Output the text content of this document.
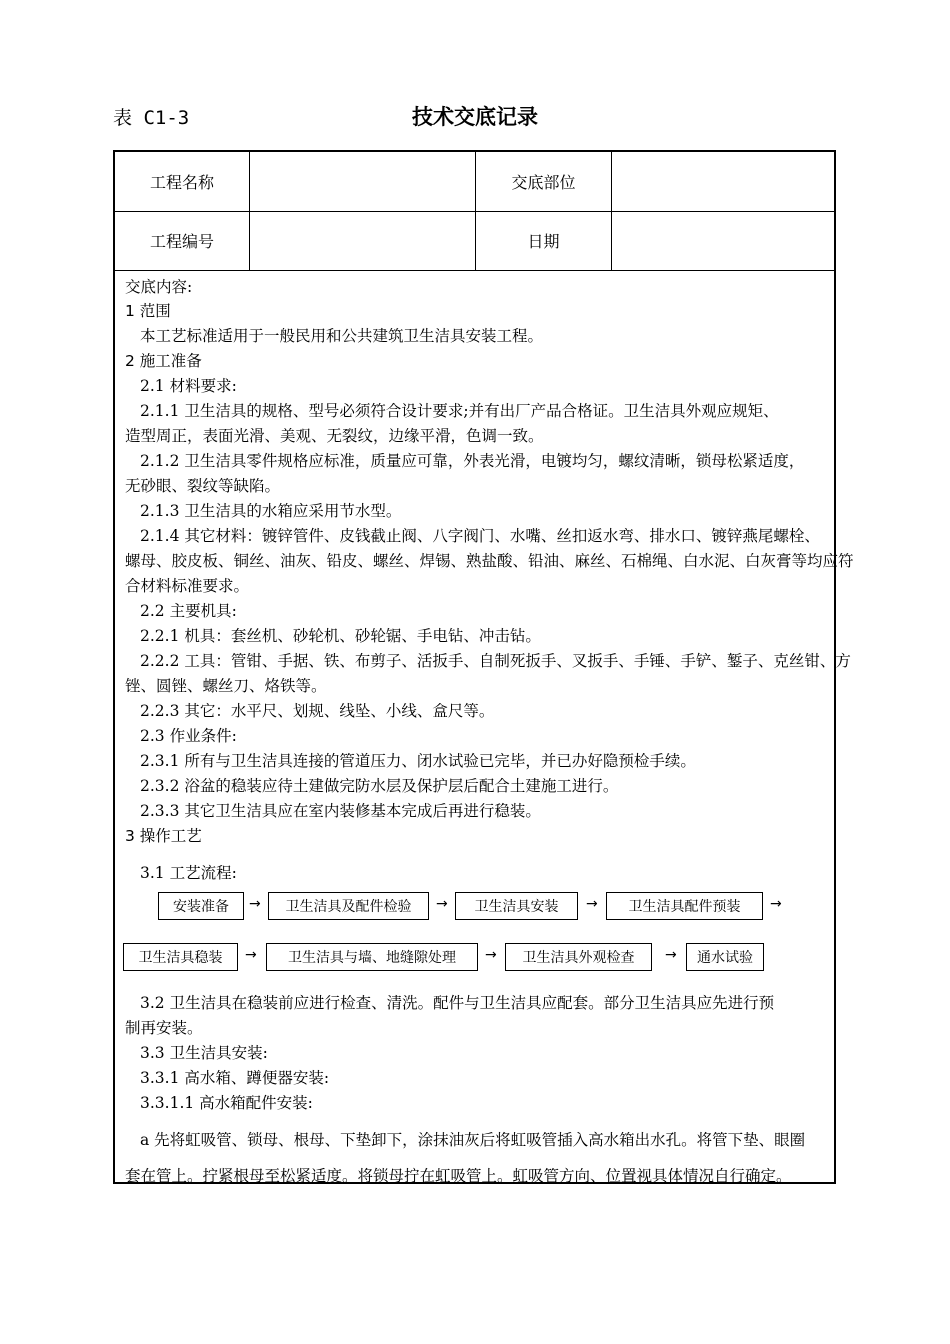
表 C1-3	技术交底记录
工程名称	交底部位
工程编号	日期
交底内容:
1 范围
本工艺标准适用于一般民用和公共建筑卫生洁具安装工程。
2 施工准备
2.1 材料要求:
2.1.1 卫生洁具的规格、型号必须符合设计要求;并有出厂产品合格证。卫生洁具外观应规矩、
造型周正，表面光滑、美观、无裂纹，边缘平滑，色调一致。
2.1.2 卫生洁具零件规格应标准，质量应可靠，外表光滑，电镀均匀，螺纹清晰，锁母松紧适度，
无砂眼、裂纹等缺陷。
2.1.3 卫生洁具的水箱应采用节水型。
2.1.4 其它材料：镀锌管件、皮钱截止阀、八字阀门、水嘴、丝扣返水弯、排水口、镀锌燕尾螺栓、
螺母、胶皮板、铜丝、油灰、铅皮、螺丝、焊锡、熟盐酸、铅油、麻丝、石棉绳、白水泥、白灰膏等均应符
合材料标准要求。
2.2 主要机具:
2.2.1 机具：套丝机、砂轮机、砂轮锯、手电钻、冲击钻。
2.2.2 工具：管钳、手据、铁、布剪子、活扳手、自制死扳手、叉扳手、手锤、手铲、錾子、克丝钳、方
锉、圆锉、螺丝刀、烙铁等。
2.2.3 其它：水平尺、划规、线坠、小线、盒尺等。
2.3 作业条件:
2.3.1 所有与卫生洁具连接的管道压力、闭水试验已完毕，并已办好隐预检手续。
2.3.2 浴盆的稳装应待土建做完防水层及保护层后配合土建施工进行。
2.3.3 其它卫生洁具应在室内装修基本完成后再进行稳装。
3 操作工艺
3.1 工艺流程:
3.2 卫生洁具在稳装前应进行检查、清洗。配件与卫生洁具应配套。部分卫生洁具应先进行预
制再安装。
3.3 卫生洁具安装:
3.3.1 高水箱、蹲便器安装:
3.3.1.1 高水箱配件安装:
a 先将虹吸管、锁母、根母、下垫卸下，涂抹油灰后将虹吸管插入高水箱出水孔。将管下垫、眼圈
套在管上。拧紧根母至松紧适度。将锁母拧在虹吸管上。虹吸管方向、位置视具体情况自行确定。
安装准备	→	卫生洁具及配件检验	→	卫生洁具安装	→	卫生洁具配件预装	→
卫生洁具稳装	→	卫生洁具与墙、地缝隙处理	→	卫生洁具外观检查	→	通水试验
